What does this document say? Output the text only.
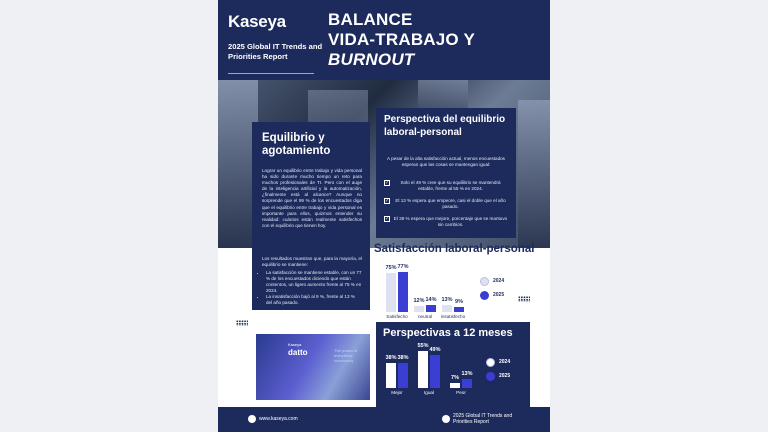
Kaseya
2025 Global IT Trends and Priorities Report
BALANCE
VIDA-TRABAJO Y
BURNOUT
Equilibrio y agotamiento
Lograr un equilibrio entre trabajo y vida personal ha sido durante mucho tiempo un reto para muchos profesionales de TI. Pero con el auge de la inteligencia artificial y la automatización, ¿finalmente está al alcance? Aunque no sorprende que el 99 % de los encuestados diga que el equilibrio entre trabajo y vida personal es importante para ellos, quizmos entender su realidad: cuántos están realmente satisfechos con el equilibrio que tienen hoy.
Los resultados muestran que, para la mayoría, el equilibrio se mantiene:
• La satisfacción se mantiene estable, con un 77 % de los encuestados diciendo que están contentos, un ligero aumento frente al 75 % en 2024.
• La insatisfacción bajó al 9 %, frente al 13 % del año pasado.
Perspectiva del equilibrio laboral-personal
A pesar de la alta satisfacción actual, menos encuestados esperan que las cosas se mantengan igual:
✓ Solo el 49 % cree que su equilibrio se mantendrá estable, frente al 55 % en 2024.
✓ El 13 % espera que empeore, casi el doble que el año pasado.
✓ El 38 % espera que mejore, porcentaje que se mantuvo sin cambios.
Satisfacción laboral-personal
75% 77%
Satisfecho
12% 14%
neutral
13% 9%
insatisfecho
2024
2025
Kaseya
datto	The power of everything community
Perspectivas a 12 meses
38% 38%
Mejor
55%
49%
Igual
7%
13%
Peor
2024
2025
www.kaseya.com	2025 Global IT Trends and Priorities Report
